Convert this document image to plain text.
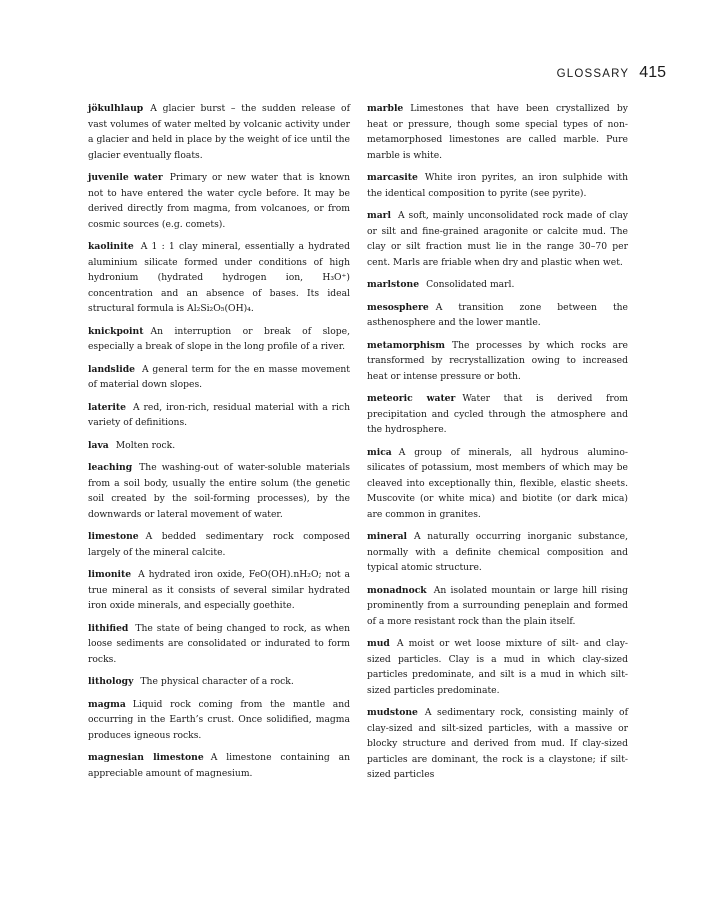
GLOSSARY 415

jökulhlaup A glacier burst – the sudden release of vast volumes of water melted by volcanic activity under a glacier and held in place by the weight of ice until the glacier eventually floats.

juvenile water Primary or new water that is known not to have entered the water cycle before. It may be derived directly from magma, from volcanoes, or from cosmic sources (e.g. comets).

kaolinite A 1 : 1 clay mineral, essentially a hydrated aluminium silicate formed under conditions of high hydronium (hydrated hydrogen ion, H₃O⁺) concentration and an absence of bases. Its ideal structural formula is Al₂Si₂O₅(OH)₄.

knickpoint An interruption or break of slope, especially a break of slope in the long profile of a river.

landslide A general term for the en masse movement of material down slopes.

laterite A red, iron-rich, residual material with a rich variety of definitions.

lava Molten rock.

leaching The washing-out of water-soluble materials from a soil body, usually the entire solum (the genetic soil created by the soil-forming processes), by the downwards or lateral movement of water.

limestone A bedded sedimentary rock composed largely of the mineral calcite.

limonite A hydrated iron oxide, FeO(OH).nH₂O; not a true mineral as it consists of several similar hydrated iron oxide minerals, and especially goethite.

lithified The state of being changed to rock, as when loose sediments are consolidated or indurated to form rocks.

lithology The physical character of a rock.

magma Liquid rock coming from the mantle and occurring in the Earth’s crust. Once solidified, magma produces igneous rocks.

magnesian limestone A limestone containing an appreciable amount of magnesium.

marble Limestones that have been crystallized by heat or pressure, though some special types of non-metamorphosed limestones are called marble. Pure marble is white.

marcasite White iron pyrites, an iron sulphide with the identical composition to pyrite (see pyrite).

marl A soft, mainly unconsolidated rock made of clay or silt and fine-grained aragonite or calcite mud. The clay or silt fraction must lie in the range 30–70 per cent. Marls are friable when dry and plastic when wet.

marlstone Consolidated marl.

mesosphere A transition zone between the asthenosphere and the lower mantle.

metamorphism The processes by which rocks are transformed by recrystallization owing to increased heat or intense pressure or both.

meteoric water Water that is derived from precipitation and cycled through the atmosphere and the hydrosphere.

mica A group of minerals, all hydrous alumino-silicates of potassium, most members of which may be cleaved into exceptionally thin, flexible, elastic sheets. Muscovite (or white mica) and biotite (or dark mica) are common in granites.

mineral A naturally occurring inorganic substance, normally with a definite chemical composition and typical atomic structure.

monadnock An isolated mountain or large hill rising prominently from a surrounding peneplain and formed of a more resistant rock than the plain itself.

mud A moist or wet loose mixture of silt- and clay-sized particles. Clay is a mud in which clay-sized particles predominate, and silt is a mud in which silt-sized particles predominate.

mudstone A sedimentary rock, consisting mainly of clay-sized and silt-sized particles, with a massive or blocky structure and derived from mud. If clay-sized particles are dominant, the rock is a claystone; if silt-sized particles
